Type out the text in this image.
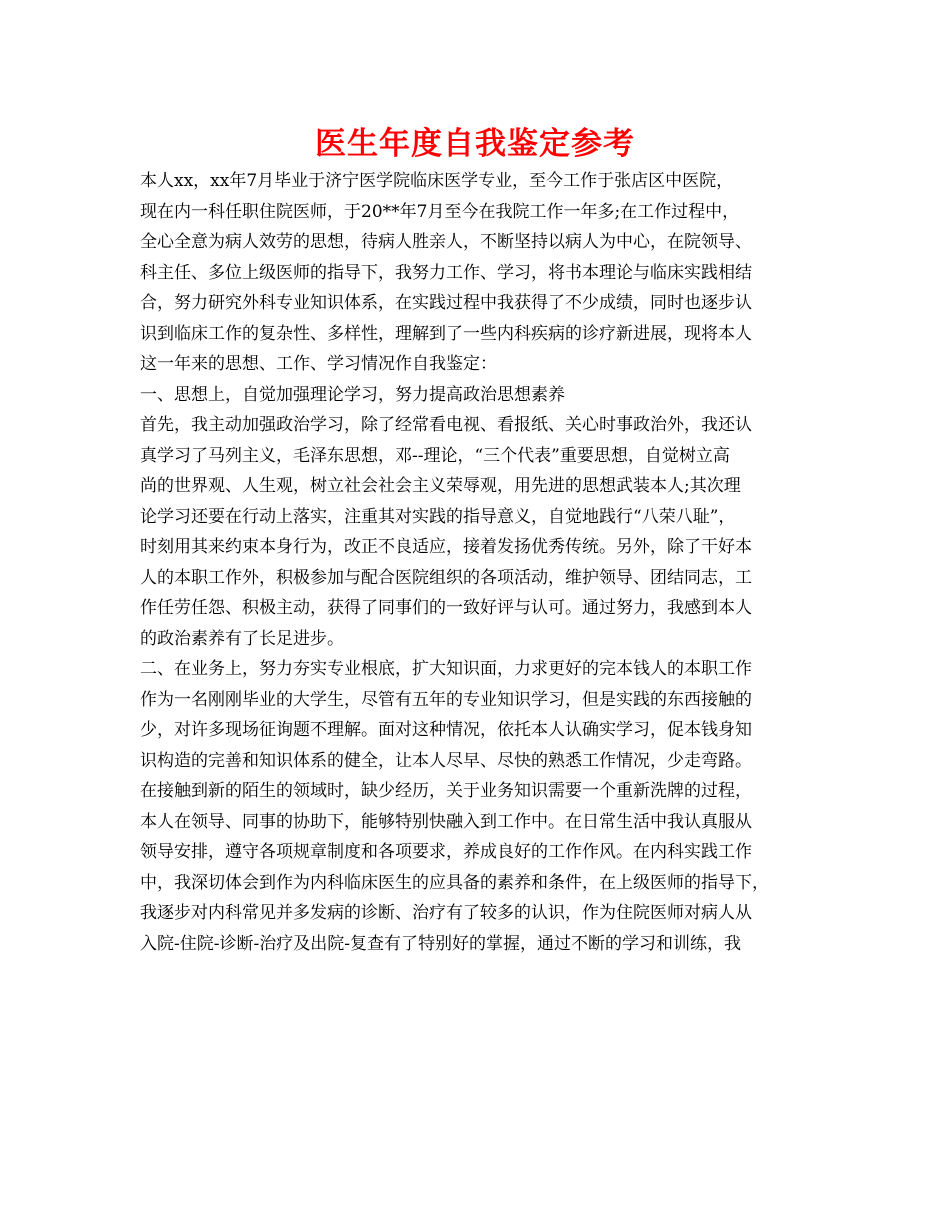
医生年度自我鉴定参考
本人xx，xx年7月毕业于济宁医学院临床医学专业，至今工作于张店区中医院，
现在内一科任职住院医师，于20**年7月至今在我院工作一年多;在工作过程中，
全心全意为病人效劳的思想，待病人胜亲人，不断坚持以病人为中心，在院领导、
科主任、多位上级医师的指导下，我努力工作、学习，将书本理论与临床实践相结
合，努力研究外科专业知识体系，在实践过程中我获得了不少成绩，同时也逐步认
识到临床工作的复杂性、多样性，理解到了一些内科疾病的诊疗新进展，现将本人
这一年来的思想、工作、学习情况作自我鉴定：
一、思想上，自觉加强理论学习，努力提高政治思想素养
首先，我主动加强政治学习，除了经常看电视、看报纸、关心时事政治外，我还认
真学习了马列主义，毛泽东思想，邓--理论，“三个代表”重要思想，自觉树立高
尚的世界观、人生观，树立社会社会主义荣辱观，用先进的思想武装本人;其次理
论学习还要在行动上落实，注重其对实践的指导意义，自觉地践行“八荣八耻”，
时刻用其来约束本身行为，改正不良适应，接着发扬优秀传统。另外，除了干好本
人的本职工作外，积极参加与配合医院组织的各项活动，维护领导、团结同志，工
作任劳任怨、积极主动，获得了同事们的一致好评与认可。通过努力，我感到本人
的政治素养有了长足进步。
二、在业务上，努力夯实专业根底，扩大知识面，力求更好的完本钱人的本职工作
作为一名刚刚毕业的大学生，尽管有五年的专业知识学习，但是实践的东西接触的
少，对许多现场征询题不理解。面对这种情况，依托本人认确实学习，促本钱身知
识构造的完善和知识体系的健全，让本人尽早、尽快的熟悉工作情况，少走弯路。
在接触到新的陌生的领域时，缺少经历，关于业务知识需要一个重新洗牌的过程，
本人在领导、同事的协助下，能够特别快融入到工作中。在日常生活中我认真服从
领导安排，遵守各项规章制度和各项要求，养成良好的工作作风。在内科实践工作
中，我深切体会到作为内科临床医生的应具备的素养和条件，在上级医师的指导下，
我逐步对内科常见并多发病的诊断、治疗有了较多的认识，作为住院医师对病人从
入院-住院-诊断-治疗及出院-复查有了特别好的掌握，通过不断的学习和训练，我
